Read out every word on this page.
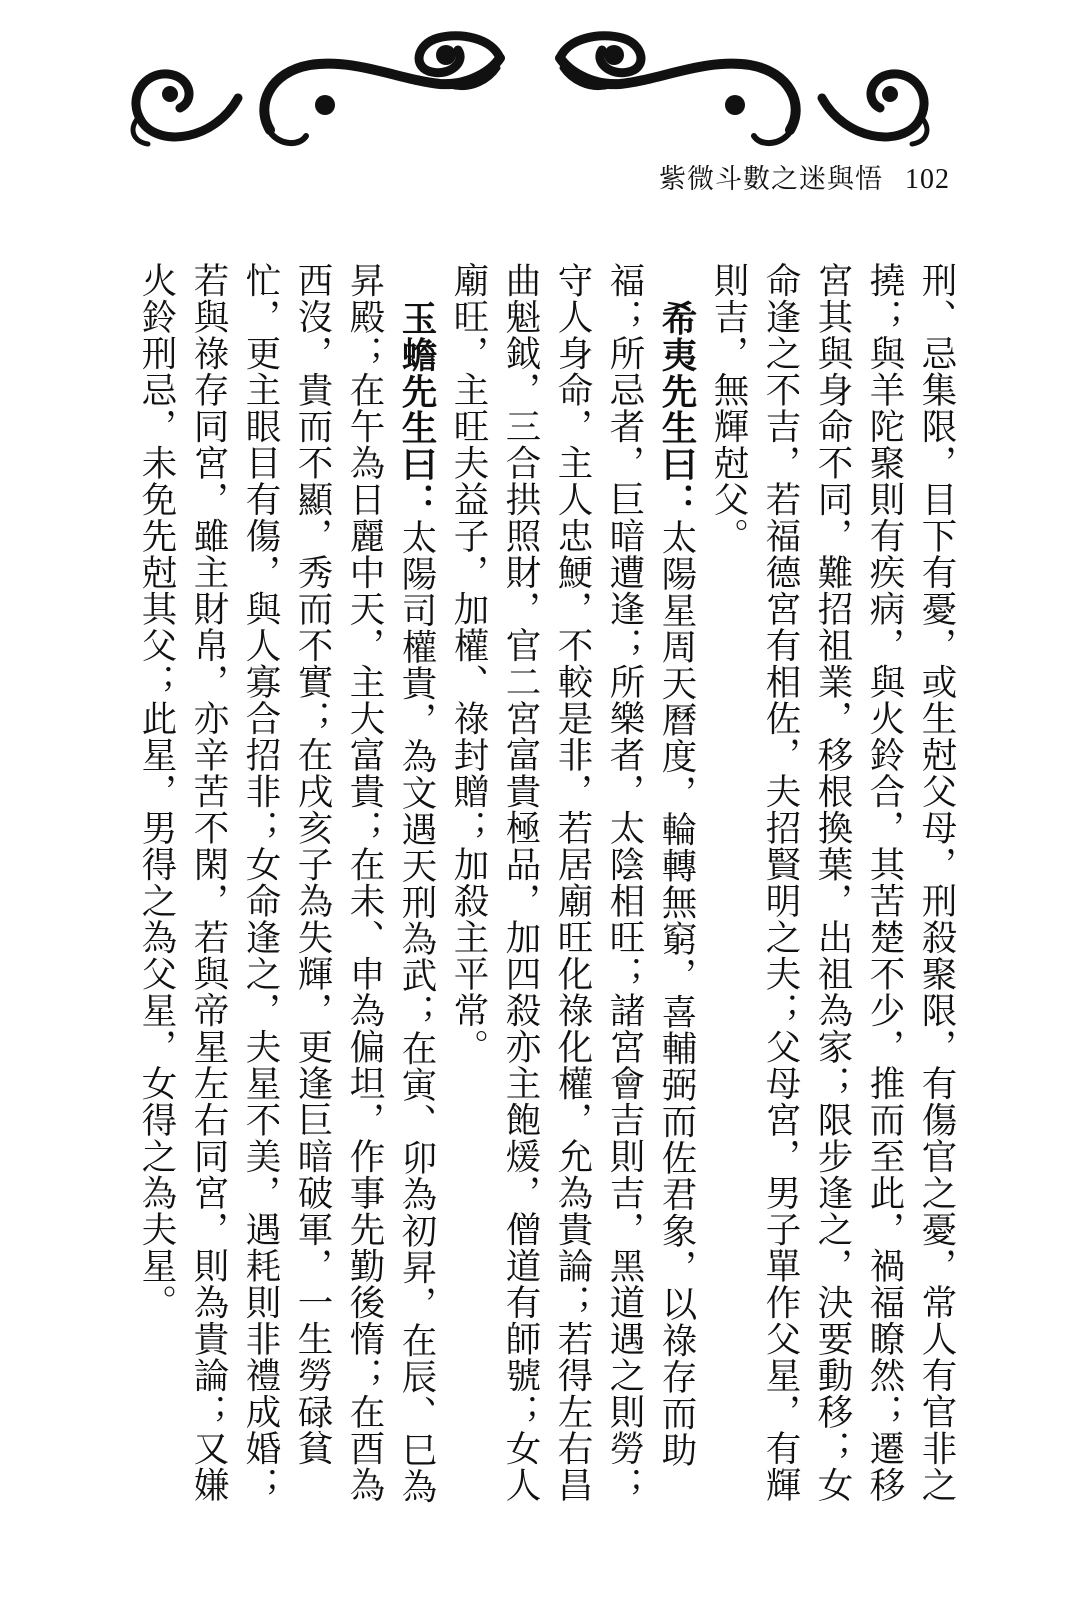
紫微斗數之迷與悟 102

刑、忌集限，目下有憂，或生尅父母，刑殺聚限，有傷官之憂，常人有官非之撓；與羊陀聚則有疾病，與火鈴合，其苦楚不少，推而至此，禍福瞭然；遷移宮其與身命不同，難招祖業，移根換葉，出祖為家；限步逢之，決要動移；女命逢之不吉，若福德宮有相佐，夫招賢明之夫；父母宮，男子單作父星，有輝則吉，無輝尅父。

希夷先生曰：太陽星周天曆度，輪轉無窮，喜輔弼而佐君象，以祿存而助福；所忌者，巨暗遭逢；所樂者，太陰相旺；諸宮會吉則吉，黑道遇之則勞；守人身命，主人忠鯁，不較是非，若居廟旺化祿化權，允為貴論；若得左右昌曲魁鉞，三合拱照財，官二宮富貴極品，加四殺亦主飽煖，僧道有師號；女人廟旺，主旺夫益子，加權、祿封贈；加殺主平常。

玉蟾先生曰：太陽司權貴，為文遇天刑為武；在寅、卯為初昇，在辰、巳為昇殿；在午為日麗中天，主大富貴；在未、申為偏坦，作事先勤後惰；在酉為西沒，貴而不顯，秀而不實；在戌亥子為失輝，更逢巨暗破軍，一生勞碌貧忙，更主眼目有傷，與人寡合招非；女命逢之，夫星不美，遇耗則非禮成婚；若與祿存同宮，雖主財帛，亦辛苦不閑，若與帝星左右同宮，則為貴論；又嫌火鈴刑忌，未免先尅其父；此星，男得之為父星，女得之為夫星。
